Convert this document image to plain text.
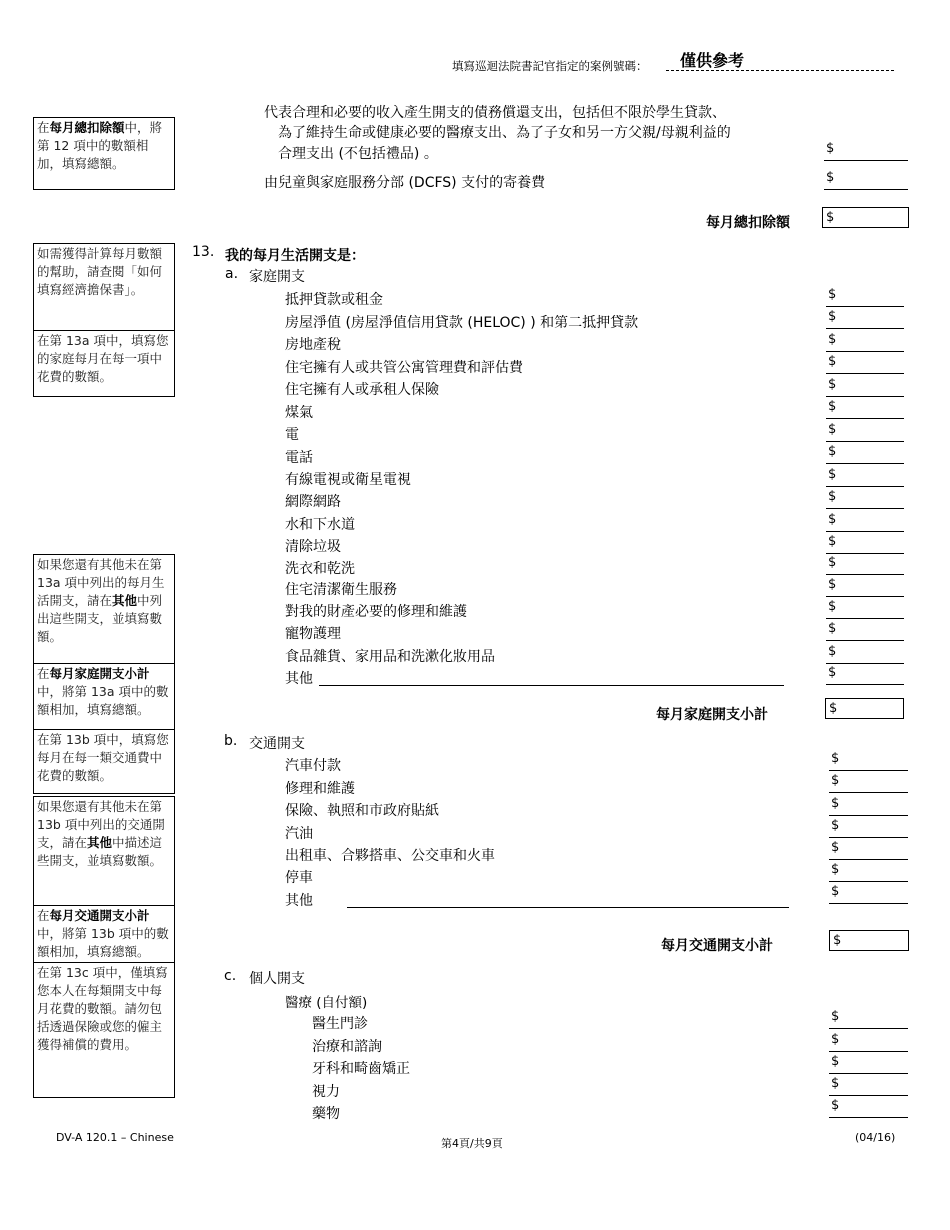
填寫巡迴法院書記官指定的案例號碼： 僅供參考
在每月總扣除額中，將第 12 項中的數額相加，填寫總額。
如需獲得計算每月數額的幫助，請查閱「如何填寫經濟擔保書」。
在第 13a 項中，填寫您的家庭每月在每一項中花費的數額。
如果您還有其他未在第 13a 項中列出的每月生活開支，請在其他中列出這些開支，並填寫數額。
在每月家庭開支小計中，將第 13a 項中的數額相加，填寫總額。
在第 13b 項中，填寫您每月在每一類交通費中花費的數額。
如果您還有其他未在第 13b 項中列出的交通開支，請在其他中描述這些開支，並填寫數額。
在每月交通開支小計中，將第 13b 項中的數額相加，填寫總額。
在第 13c 項中，僅填寫您本人在每類開支中每月花費的數額。請勿包括透過保險或您的僱主獲得補償的費用。
代表合理和必要的收入產生開支的債務償還支出，包括但不限於學生貸款、
為了維持生命或健康必要的醫療支出、為了子女和另一方父親/母親利益的
合理支出 (不包括禮品) 。
$
由兒童與家庭服務分部 (DCFS) 支付的寄養費
$
每月總扣除額
$
13. 我的每月生活開支是：
a. 家庭開支
抵押貸款或租金
$
房屋淨值 (房屋淨值信用貸款 (HELOC) ) 和第二抵押貸款
$
房地產稅
$
住宅擁有人或共管公寓管理費和評估費
$
住宅擁有人或承租人保險
$
煤氣
$
電
$
電話
$
有線電視或衛星電視
$
網際網路
$
水和下水道
$
清除垃圾
$
洗衣和乾洗
$
住宅清潔衛生服務
$
對我的財產必要的修理和維護
$
寵物護理
$
食品雜貨、家用品和洗漱化妝用品
$
其他
$
每月家庭開支小計
$
b. 交通開支
汽車付款
$
修理和維護
$
保險、執照和市政府貼紙
$
汽油
$
出租車、合夥搭車、公交車和火車
$
停車
$
其他
$
每月交通開支小計
$
c. 個人開支
醫療 (自付額)
醫生門診
$
治療和諮詢
$
牙科和畸齒矯正
$
視力
$
藥物
$
DV-A 120.1 – Chinese	第4頁/共9頁	(04/16)
